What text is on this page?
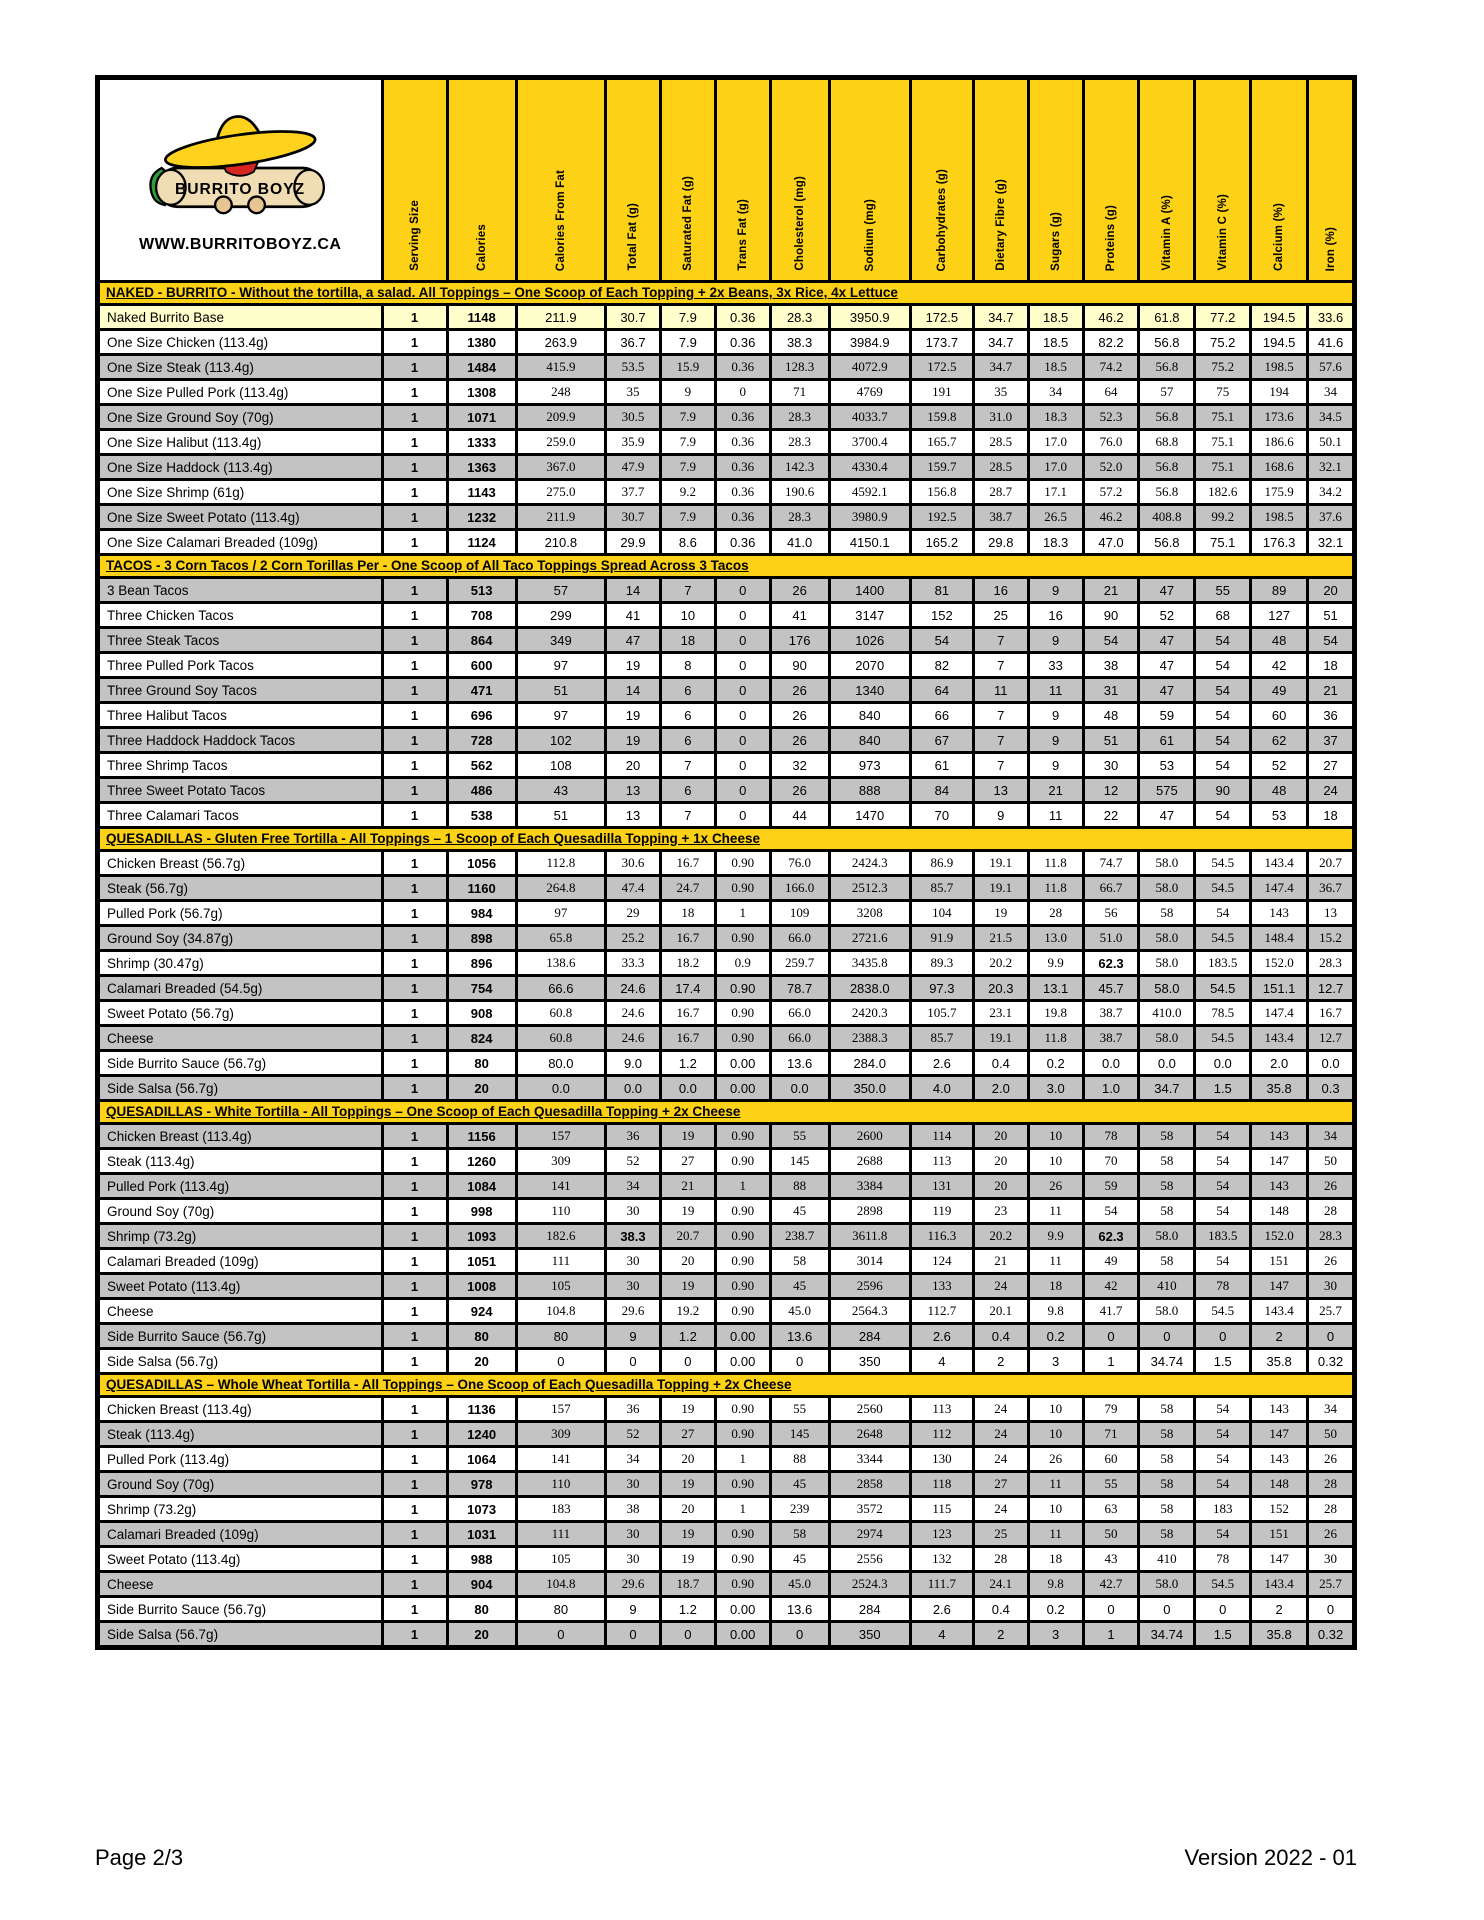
BURRITO BOYZ
WWW.BURRITOBOYZ.CA	Serving Size	Calories	Calories From Fat	Total Fat (g)	Saturated Fat (g)	Trans Fat (g)	Cholesterol (mg)	Sodium (mg)	Carbohydrates (g)	Dietary Fibre (g)	Sugars (g)	Proteins (g)	Vitamin A (%)	Vitamin C (%)	Calcium (%)	Iron (%)
NAKED - BURRITO - Without the tortilla, a salad. All Toppings – One Scoop of Each Topping + 2x Beans, 3x Rice, 4x Lettuce																
Naked Burrito Base	1	1148	211.9	30.7	7.9	0.36	28.3	3950.9	172.5	34.7	18.5	46.2	61.8	77.2	194.5	33.6
One Size Chicken (113.4g)	1	1380	263.9	36.7	7.9	0.36	38.3	3984.9	173.7	34.7	18.5	82.2	56.8	75.2	194.5	41.6
One Size Steak (113.4g)	1	1484	415.9	53.5	15.9	0.36	128.3	4072.9	172.5	34.7	18.5	74.2	56.8	75.2	198.5	57.6
One Size Pulled Pork (113.4g)	1	1308	248	35	9	0	71	4769	191	35	34	64	57	75	194	34
One Size Ground Soy (70g)	1	1071	209.9	30.5	7.9	0.36	28.3	4033.7	159.8	31.0	18.3	52.3	56.8	75.1	173.6	34.5
One Size Halibut (113.4g)	1	1333	259.0	35.9	7.9	0.36	28.3	3700.4	165.7	28.5	17.0	76.0	68.8	75.1	186.6	50.1
One Size Haddock (113.4g)	1	1363	367.0	47.9	7.9	0.36	142.3	4330.4	159.7	28.5	17.0	52.0	56.8	75.1	168.6	32.1
One Size Shrimp (61g)	1	1143	275.0	37.7	9.2	0.36	190.6	4592.1	156.8	28.7	17.1	57.2	56.8	182.6	175.9	34.2
One Size Sweet Potato (113.4g)	1	1232	211.9	30.7	7.9	0.36	28.3	3980.9	192.5	38.7	26.5	46.2	408.8	99.2	198.5	37.6
One Size Calamari Breaded (109g)	1	1124	210.8	29.9	8.6	0.36	41.0	4150.1	165.2	29.8	18.3	47.0	56.8	75.1	176.3	32.1
TACOS - 3 Corn Tacos / 2 Corn Torillas Per - One Scoop of All Taco Toppings Spread Across 3 Tacos																
3 Bean Tacos	1	513	57	14	7	0	26	1400	81	16	9	21	47	55	89	20
Three Chicken Tacos	1	708	299	41	10	0	41	3147	152	25	16	90	52	68	127	51
Three Steak Tacos	1	864	349	47	18	0	176	1026	54	7	9	54	47	54	48	54
Three Pulled Pork Tacos	1	600	97	19	8	0	90	2070	82	7	33	38	47	54	42	18
Three Ground Soy Tacos	1	471	51	14	6	0	26	1340	64	11	11	31	47	54	49	21
Three Halibut Tacos	1	696	97	19	6	0	26	840	66	7	9	48	59	54	60	36
Three Haddock Haddock Tacos	1	728	102	19	6	0	26	840	67	7	9	51	61	54	62	37
Three Shrimp Tacos	1	562	108	20	7	0	32	973	61	7	9	30	53	54	52	27
Three Sweet Potato Tacos	1	486	43	13	6	0	26	888	84	13	21	12	575	90	48	24
Three Calamari Tacos	1	538	51	13	7	0	44	1470	70	9	11	22	47	54	53	18
QUESADILLAS - Gluten Free Tortilla - All Toppings – 1 Scoop of Each Quesadilla Topping + 1x Cheese																
Chicken Breast (56.7g)	1	1056	112.8	30.6	16.7	0.90	76.0	2424.3	86.9	19.1	11.8	74.7	58.0	54.5	143.4	20.7
Steak (56.7g)	1	1160	264.8	47.4	24.7	0.90	166.0	2512.3	85.7	19.1	11.8	66.7	58.0	54.5	147.4	36.7
Pulled Pork (56.7g)	1	984	97	29	18	1	109	3208	104	19	28	56	58	54	143	13
Ground Soy (34.87g)	1	898	65.8	25.2	16.7	0.90	66.0	2721.6	91.9	21.5	13.0	51.0	58.0	54.5	148.4	15.2
Shrimp (30.47g)	1	896	138.6	33.3	18.2	0.9	259.7	3435.8	89.3	20.2	9.9	62.3	58.0	183.5	152.0	28.3
Calamari Breaded (54.5g)	1	754	66.6	24.6	17.4	0.90	78.7	2838.0	97.3	20.3	13.1	45.7	58.0	54.5	151.1	12.7
Sweet Potato (56.7g)	1	908	60.8	24.6	16.7	0.90	66.0	2420.3	105.7	23.1	19.8	38.7	410.0	78.5	147.4	16.7
Cheese	1	824	60.8	24.6	16.7	0.90	66.0	2388.3	85.7	19.1	11.8	38.7	58.0	54.5	143.4	12.7
Side Burrito Sauce (56.7g)	1	80	80.0	9.0	1.2	0.00	13.6	284.0	2.6	0.4	0.2	0.0	0.0	0.0	2.0	0.0
Side Salsa (56.7g)	1	20	0.0	0.0	0.0	0.00	0.0	350.0	4.0	2.0	3.0	1.0	34.7	1.5	35.8	0.3
QUESADILLAS - White Tortilla - All Toppings – One Scoop of Each Quesadilla Topping + 2x Cheese																
Chicken Breast (113.4g)	1	1156	157	36	19	0.90	55	2600	114	20	10	78	58	54	143	34
Steak (113.4g)	1	1260	309	52	27	0.90	145	2688	113	20	10	70	58	54	147	50
Pulled Pork (113.4g)	1	1084	141	34	21	1	88	3384	131	20	26	59	58	54	143	26
Ground Soy (70g)	1	998	110	30	19	0.90	45	2898	119	23	11	54	58	54	148	28
Shrimp (73.2g)	1	1093	182.6	38.3	20.7	0.90	238.7	3611.8	116.3	20.2	9.9	62.3	58.0	183.5	152.0	28.3
Calamari Breaded (109g)	1	1051	111	30	20	0.90	58	3014	124	21	11	49	58	54	151	26
Sweet Potato (113.4g)	1	1008	105	30	19	0.90	45	2596	133	24	18	42	410	78	147	30
Cheese	1	924	104.8	29.6	19.2	0.90	45.0	2564.3	112.7	20.1	9.8	41.7	58.0	54.5	143.4	25.7
Side Burrito Sauce (56.7g)	1	80	80	9	1.2	0.00	13.6	284	2.6	0.4	0.2	0	0	0	2	0
Side Salsa (56.7g)	1	20	0	0	0	0.00	0	350	4	2	3	1	34.74	1.5	35.8	0.32
QUESADILLAS – Whole Wheat Tortilla - All Toppings – One Scoop of Each Quesadilla Topping + 2x Cheese																
Chicken Breast (113.4g)	1	1136	157	36	19	0.90	55	2560	113	24	10	79	58	54	143	34
Steak (113.4g)	1	1240	309	52	27	0.90	145	2648	112	24	10	71	58	54	147	50
Pulled Pork (113.4g)	1	1064	141	34	20	1	88	3344	130	24	26	60	58	54	143	26
Ground Soy (70g)	1	978	110	30	19	0.90	45	2858	118	27	11	55	58	54	148	28
Shrimp (73.2g)	1	1073	183	38	20	1	239	3572	115	24	10	63	58	183	152	28
Calamari Breaded (109g)	1	1031	111	30	19	0.90	58	2974	123	25	11	50	58	54	151	26
Sweet Potato (113.4g)	1	988	105	30	19	0.90	45	2556	132	28	18	43	410	78	147	30
Cheese	1	904	104.8	29.6	18.7	0.90	45.0	2524.3	111.7	24.1	9.8	42.7	58.0	54.5	143.4	25.7
Side Burrito Sauce (56.7g)	1	80	80	9	1.2	0.00	13.6	284	2.6	0.4	0.2	0	0	0	2	0
Side Salsa (56.7g)	1	20	0	0	0	0.00	0	350	4	2	3	1	34.74	1.5	35.8	0.32
Page 2/3	Version 2022 - 01
